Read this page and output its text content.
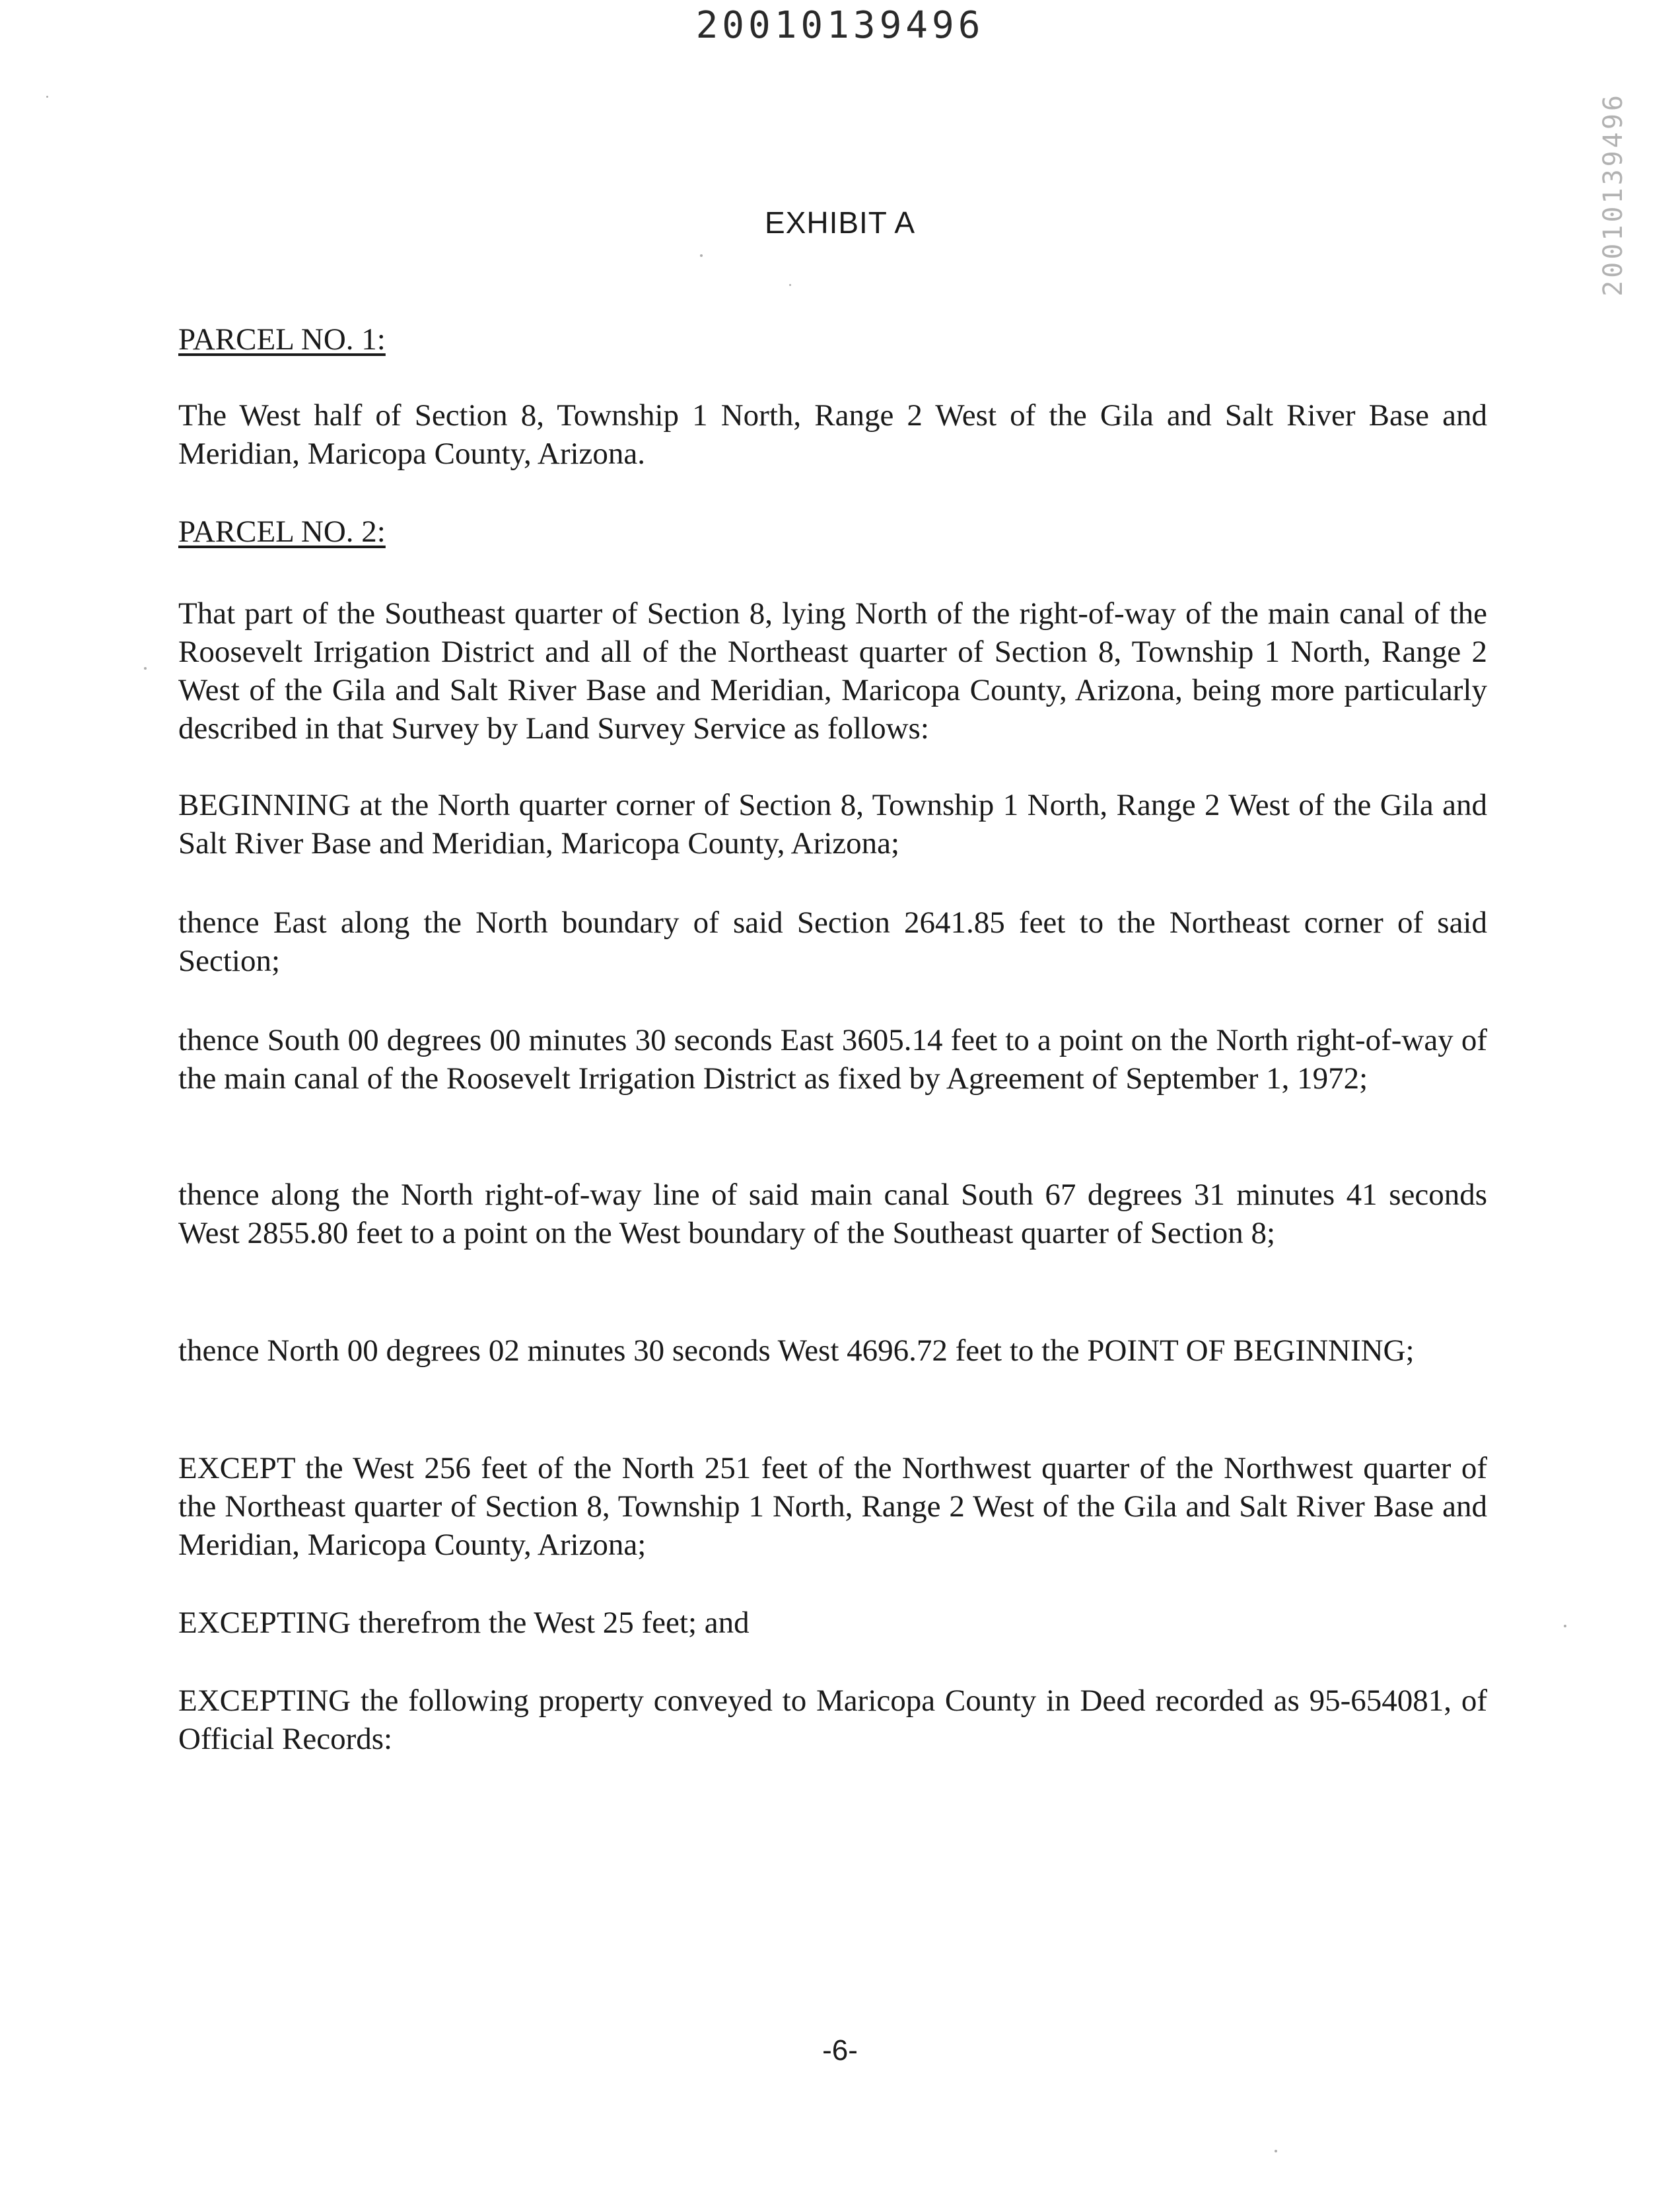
20010139496
20010139496
EXHIBIT A
PARCEL NO. 1:
The West half of Section 8, Township 1 North, Range 2 West of the Gila and Salt River Base and Meridian, Maricopa County, Arizona.
PARCEL NO. 2:
That part of the Southeast quarter of Section 8, lying North of the right-of-way of the main canal of the Roosevelt Irrigation District and all of the Northeast quarter of Section 8, Township 1 North, Range 2 West of the Gila and Salt River Base and Meridian, Maricopa County, Arizona, being more particularly described in that Survey by Land Survey Service as follows:
BEGINNING at the North quarter corner of Section 8, Township 1 North, Range 2 West of the Gila and Salt River Base and Meridian, Maricopa County, Arizona;
thence East along the North boundary of said Section 2641.85 feet to the Northeast corner of said Section;
thence South 00 degrees 00 minutes 30 seconds East 3605.14 feet to a point on the North right-of-way of the main canal of the Roosevelt Irrigation District as fixed by Agreement of September 1, 1972;
thence along the North right-of-way line of said main canal South 67 degrees 31 minutes 41 seconds West 2855.80 feet to a point on the West boundary of the Southeast quarter of Section 8;
thence North 00 degrees 02 minutes 30 seconds West 4696.72 feet to the POINT OF BEGINNING;
EXCEPT the West 256 feet of the North 251 feet of the Northwest quarter of the Northwest quarter of the Northeast quarter of Section 8, Township 1 North, Range 2 West of the Gila and Salt River Base and Meridian, Maricopa County, Arizona;
EXCEPTING therefrom the West 25 feet; and
EXCEPTING the following property conveyed to Maricopa County in Deed recorded as 95-654081, of Official Records:
-6-
